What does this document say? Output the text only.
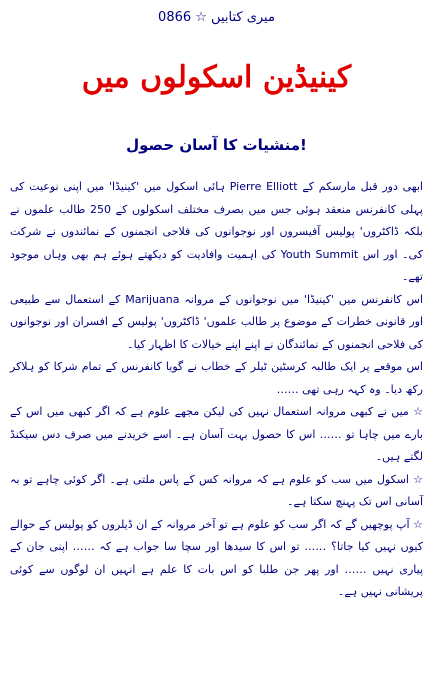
میری کتابیں ☆ 0866
کینیڈین اسکولوں میں
منشیات کا آسان حصول!

ابھی دور قبل مارسکم کے Pierre Elliott ہائی اسکول میں 'کینیڈا' میں اپنی نوعیت کی پہلی کانفرنس منعقد ہوئی جس میں بصرف مختلف اسکولوں کے 250 طالب علموں نے بلکہ ڈاکٹروں' پولیس آفیسروں اور نوجوانوں کی فلاحی انجمنوں کے نمائندوں نے شرکت کی۔ اور اس Youth Summit کی اہمیت وافادیت کو دیکھتے ہوئے ہم بھی وہاں موجود تھے۔

اس کانفرنس میں 'کینیڈا' میں نوجوانوں کے مروانہ Marijuana کے استعمال سے طبیعی اور قانونی خطرات کے موضوع پر طالب علموں' ڈاکٹروں' پولیس کے افسران اور نوجوانوں کی فلاحی انجمنوں کے نمائندگان نے اپنے اپنے خیالات کا اظہار کیا۔

اس موقعے پر ایک طالبہ کرسٹین ٹیلر کے خطاب نے گویا کانفرنس کے تمام شرکا کو ہلاکر رکھ دیا۔ وہ کہہ رہی تھی ……

☆ میں نے کبھی مروانہ استعمال نہیں کی لیکن مجھے علوم ہے کہ اگر کبھی میں اس کے بارے میں چاہا تو …… اس کا حصول بہت آسان ہے۔ اسے خریدنے میں صرف دس سیکنڈ لگتے ہیں۔

☆ اسکول میں سب کو علوم ہے کہ مروانہ کس کے پاس ملتی ہے۔ اگر کوئی چاہے تو بہ آسانی اس تک پہنچ سکتا ہے۔

☆ آپ پوچھیں گے کہ اگر سب کو علوم ہے تو آخر مروانہ کے ان ڈیلروں کو پولیس کے حوالے کیوں نہیں کیا جاتا؟ …… تو اس کا سیدھا اور سچا سا جواب ہے کہ …… اپنی جان کے پیاری نہیں …… اور پھر جن طلبا کو اس بات کا علم ہے انہیں ان لوگوں سے کوئی پریشانی نہیں ہے۔
